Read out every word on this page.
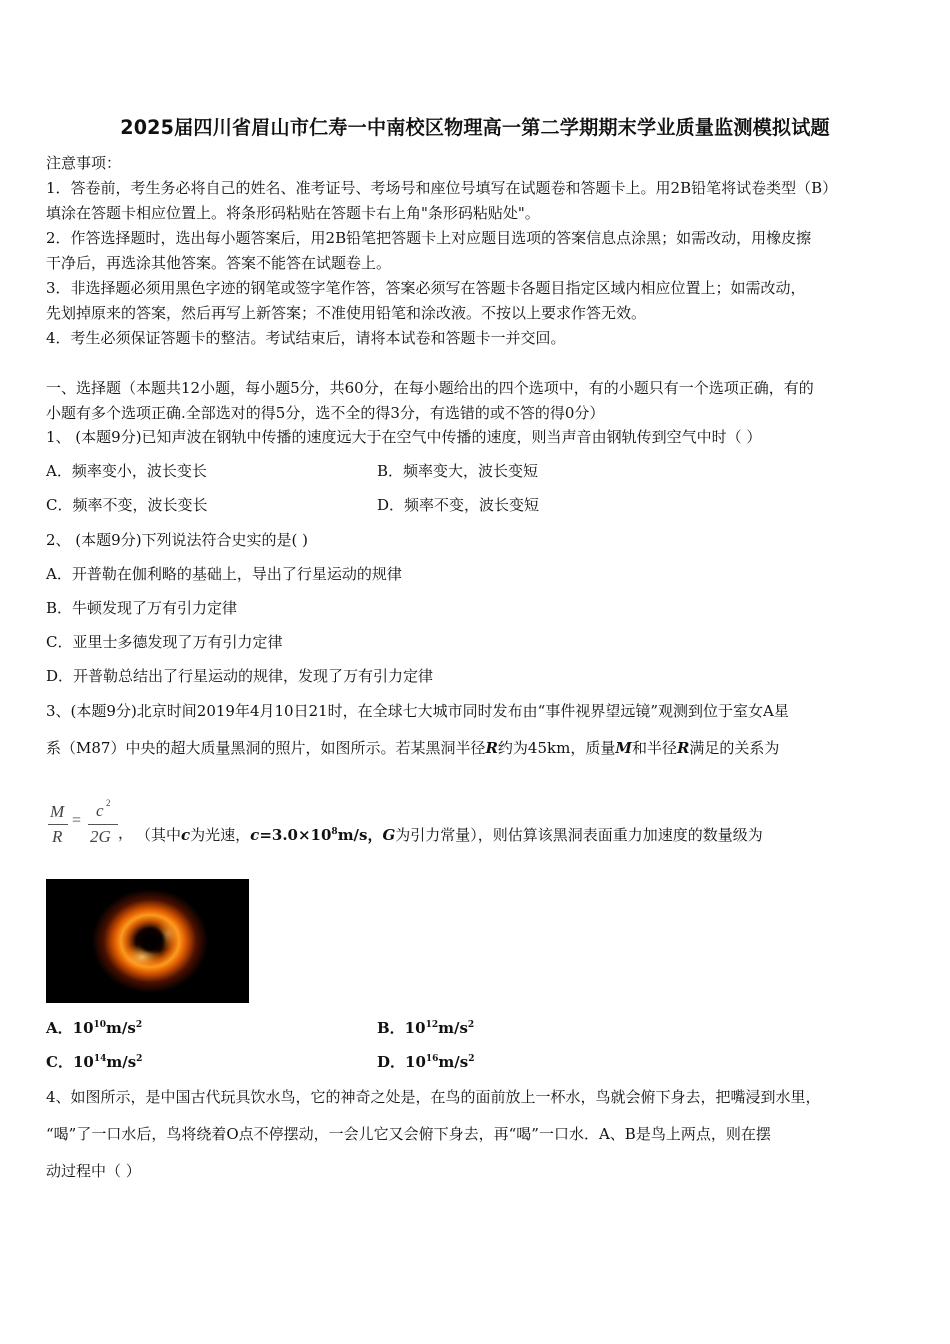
2025届四川省眉山市仁寿一中南校区物理高一第二学期期末学业质量监测模拟试题
注意事项：
1．答卷前，考生务必将自己的姓名、准考证号、考场号和座位号填写在试题卷和答题卡上。用2B铅笔将试卷类型（B）
填涂在答题卡相应位置上。将条形码粘贴在答题卡右上角"条形码粘贴处"。
2．作答选择题时，选出每小题答案后，用2B铅笔把答题卡上对应题目选项的答案信息点涂黑；如需改动，用橡皮擦
干净后，再选涂其他答案。答案不能答在试题卷上。
3．非选择题必须用黑色字迹的钢笔或签字笔作答，答案必须写在答题卡各题目指定区域内相应位置上；如需改动，
先划掉原来的答案，然后再写上新答案；不准使用铅笔和涂改液。不按以上要求作答无效。
4．考生必须保证答题卡的整洁。考试结束后，请将本试卷和答题卡一并交回。
一、选择题（本题共12小题，每小题5分，共60分，在每小题给出的四个选项中，有的小题只有一个选项正确，有的
小题有多个选项正确.全部选对的得5分，选不全的得3分，有选错的或不答的得0分）
1、 (本题9分)已知声波在钢轨中传播的速度远大于在空气中传播的速度，则当声音由钢轨传到空气中时（ ）
A．频率变小，波长变长	B．频率变大，波长变短
C．频率不变，波长变长	D．频率不变，波长变短
2、 (本题9分)下列说法符合史实的是( )
A．开普勒在伽利略的基础上，导出了行星运动的规律
B．牛顿发现了万有引力定律
C．亚里士多德发现了万有引力定律
D．开普勒总结出了行星运动的规律，发现了万有引力定律
3、(本题9分)北京时间2019年4月10日21时，在全球七大城市同时发布由“事件视界望远镜”观测到位于室女A星
系（M87）中央的超大质量黑洞的照片，如图所示。若某黑洞半径R约为45km，质量M和半径R满足的关系为
M
R
=
c 2
2G ， （其中c为光速，$c=3.0\times 10^8m/s$，G为引力常量），则估算该黑洞表面重力加速度的数量级为
A．$10^{10}m/s^2$	B．$10^{12}m/s^2$
C．$10^{14}m/s^2$	D．$10^{16}m/s^2$
4、如图所示，是中国古代玩具饮水鸟，它的神奇之处是，在鸟的面前放上一杯水，鸟就会俯下身去，把嘴浸到水里，
“喝”了一口水后，鸟将绕着O点不停摆动，一会儿它又会俯下身去，再“喝”一口水．A、B是鸟上两点，则在摆
动过程中（ ）
